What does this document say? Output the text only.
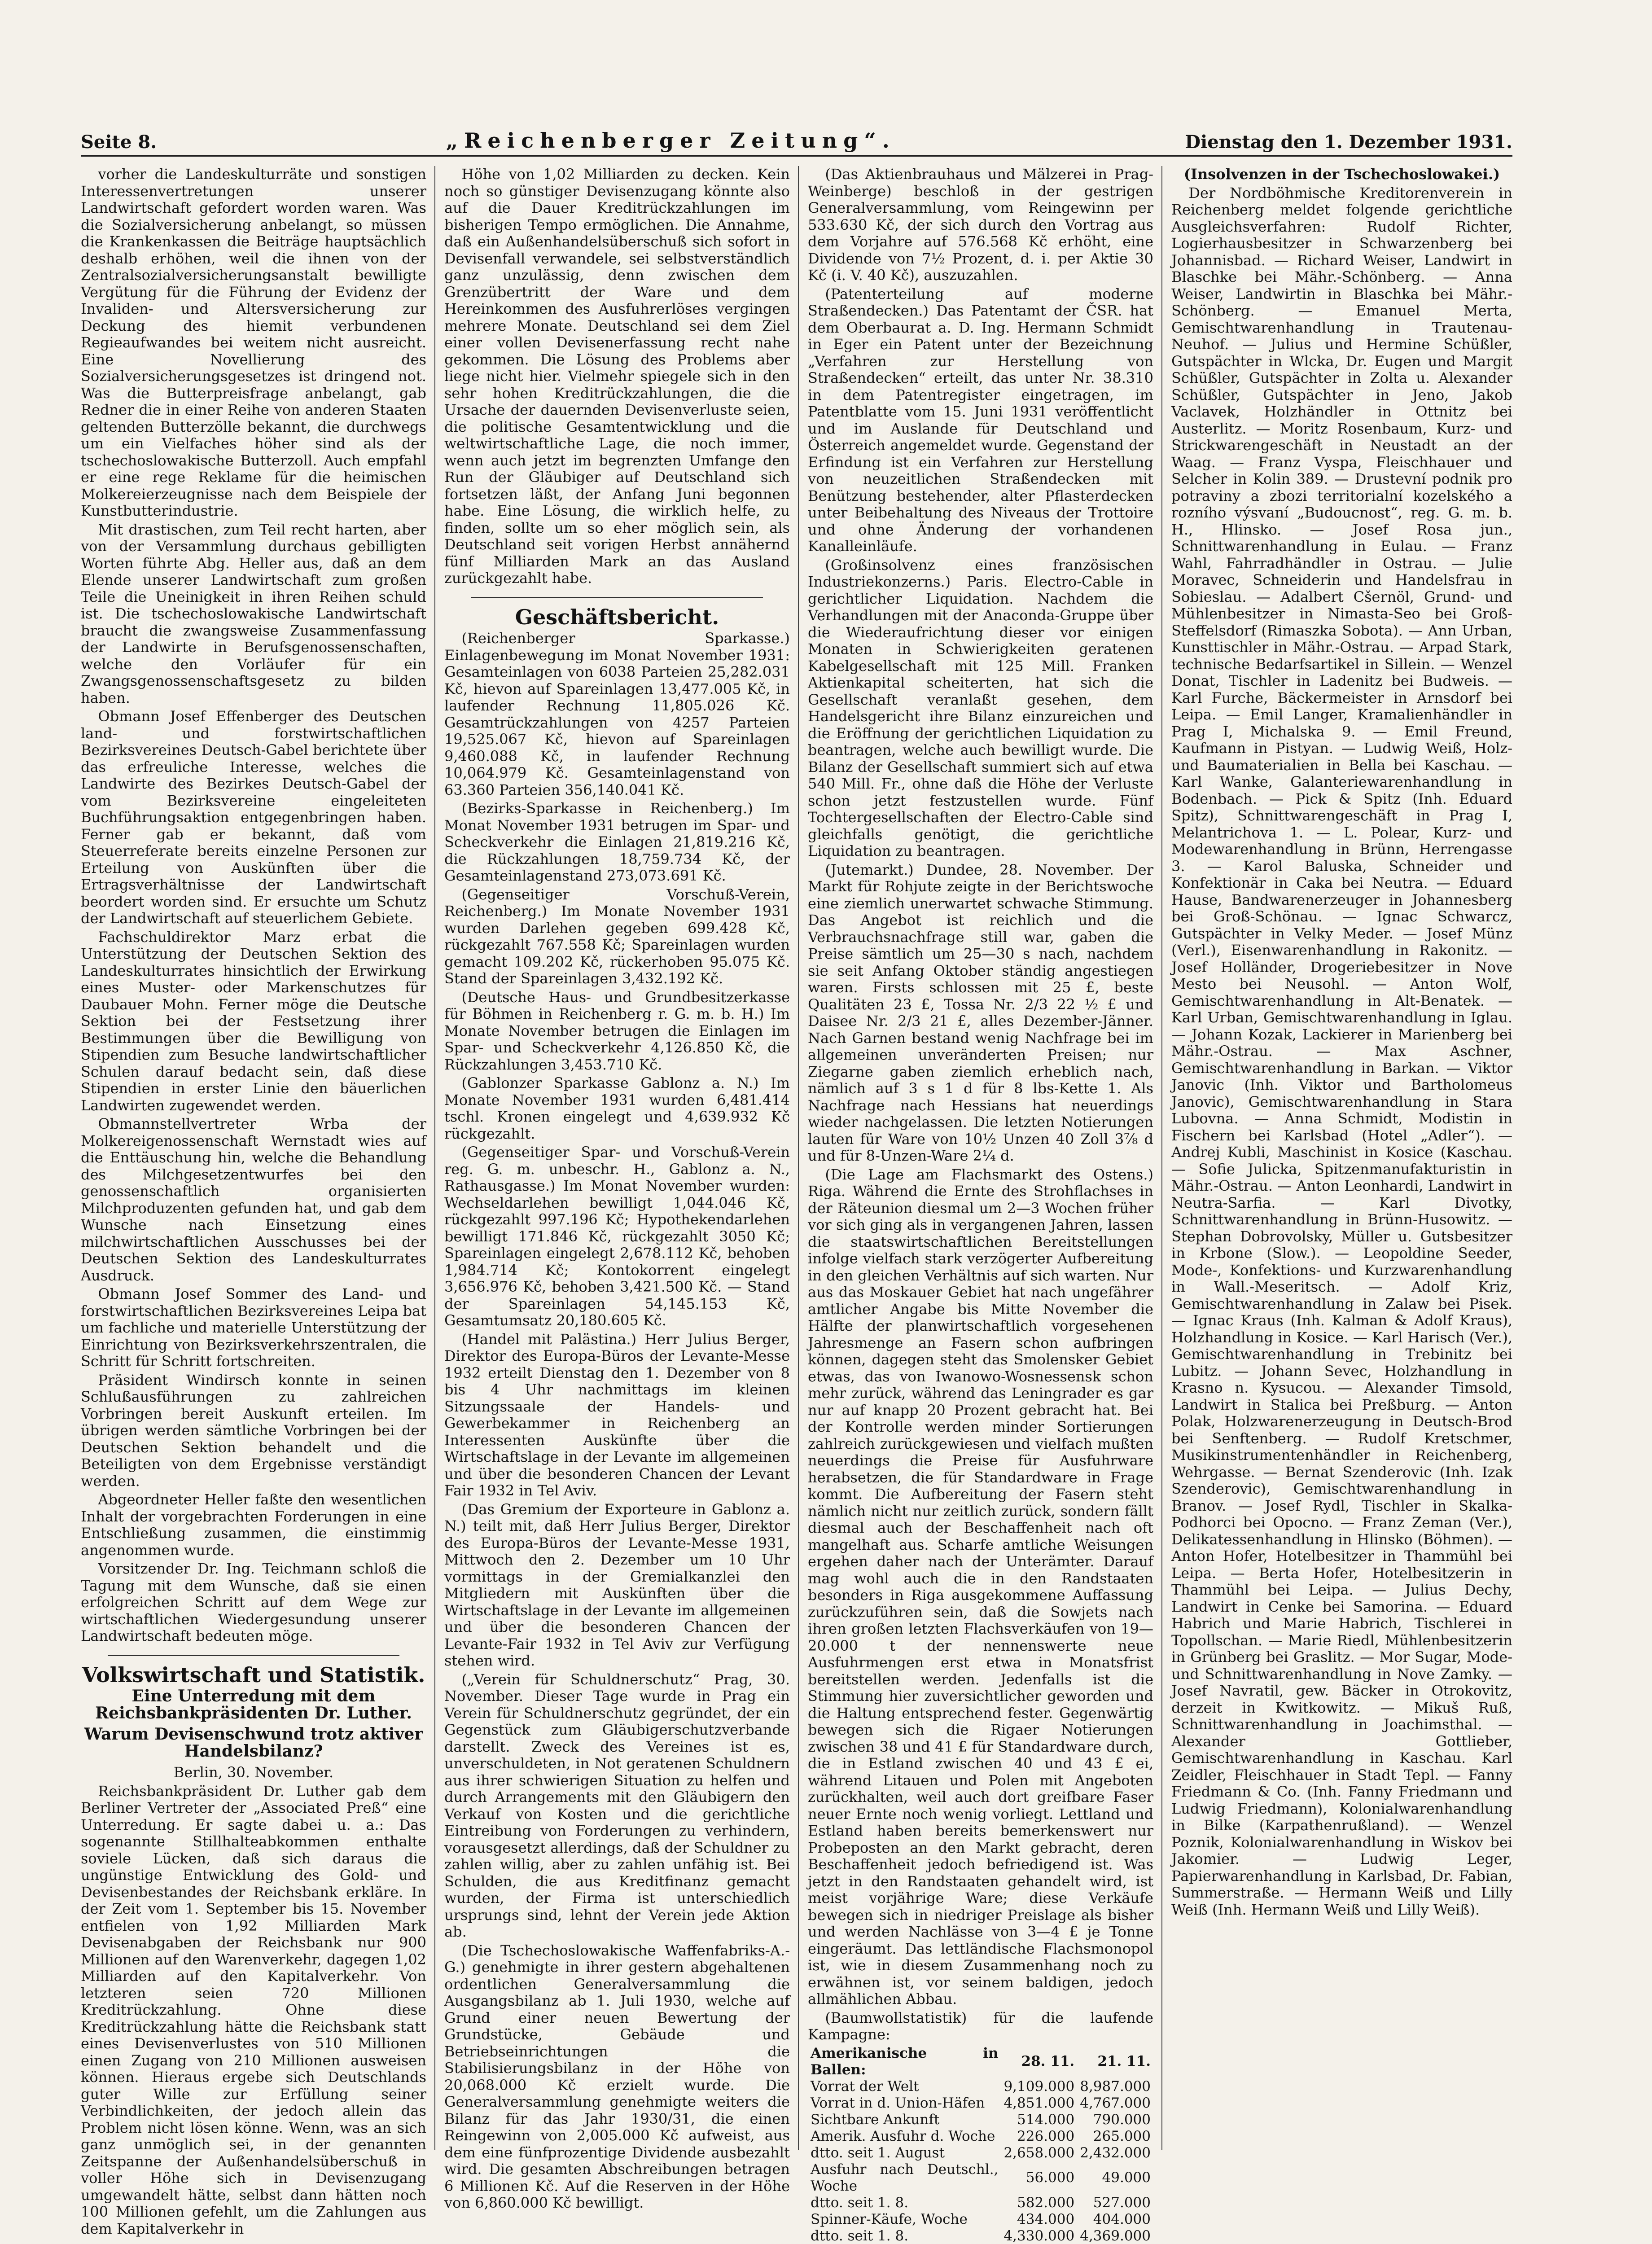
Seite 8.	„Reichenberger Zeitung“.	Dienstag den 1. Dezember 1931.

vorher die Landeskulturräte und sonstigen Interessenvertretungen unserer Landwirtschaft gefordert worden waren. Was die Sozialversicherung anbelangt, so müssen die Krankenkassen die Beiträge hauptsächlich deshalb erhöhen, weil die ihnen von der Zentralsozialversicherungsanstalt bewilligte Vergütung für die Führung der Evidenz der Invaliden- und Altersversicherung zur Deckung des hiemit verbundenen Regieaufwandes bei weitem nicht ausreicht. Eine Novellierung des Sozialversicherungsgesetzes ist dringend not. Was die Butterpreisfrage anbelangt, gab Redner die in einer Reihe von anderen Staaten geltenden Butterzölle bekannt, die durchwegs um ein Vielfaches höher sind als der tschechoslowakische Butterzoll. Auch empfahl er eine rege Reklame für die heimischen Molkereierzeugnisse nach dem Beispiele der Kunstbutterindustrie.

Mit drastischen, zum Teil recht harten, aber von der Versammlung durchaus gebilligten Worten führte Abg. Heller aus, daß an dem Elende unserer Landwirtschaft zum großen Teile die Uneinigkeit in ihren Reihen schuld ist. Die tschechoslowakische Landwirtschaft braucht die zwangsweise Zusammenfassung der Landwirte in Berufsgenossenschaften, welche den Vorläufer für ein Zwangsgenossenschaftsgesetz zu bilden haben.

Obmann Josef Effenberger des Deutschen land- und forstwirtschaftlichen Bezirksvereines Deutsch-Gabel berichtete über das erfreuliche Interesse, welches die Landwirte des Bezirkes Deutsch-Gabel der vom Bezirksvereine eingeleiteten Buchführungsaktion entgegenbringen haben. Ferner gab er bekannt, daß vom Steuerreferate bereits einzelne Personen zur Erteilung von Auskünften über die Ertragsverhältnisse der Landwirtschaft beordert worden sind. Er ersuchte um Schutz der Landwirtschaft auf steuerlichem Gebiete.

Fachschuldirektor Marz erbat die Unterstützung der Deutschen Sektion des Landeskulturrates hinsichtlich der Erwirkung eines Muster- oder Markenschutzes für Daubauer Mohn. Ferner möge die Deutsche Sektion bei der Festsetzung ihrer Bestimmungen über die Bewilligung von Stipendien zum Besuche landwirtschaftlicher Schulen darauf bedacht sein, daß diese Stipendien in erster Linie den bäuerlichen Landwirten zugewendet werden.

Obmannstellvertreter Wrba der Molkereigenossenschaft Wernstadt wies auf die Enttäuschung hin, welche die Behandlung des Milchgesetzentwurfes bei den genossenschaftlich organisierten Milchproduzenten gefunden hat, und gab dem Wunsche nach Einsetzung eines milchwirtschaftlichen Ausschusses bei der Deutschen Sektion des Landeskulturrates Ausdruck.

Obmann Josef Sommer des Land- und forstwirtschaftlichen Bezirksvereines Leipa bat um fachliche und materielle Unterstützung der Einrichtung von Bezirksverkehrszentralen, die Schritt für Schritt fortschreiten.

Präsident Windirsch konnte in seinen Schlußausführungen zu zahlreichen Vorbringen bereit Auskunft erteilen. Im übrigen werden sämtliche Vorbringen bei der Deutschen Sektion behandelt und die Beteiligten von dem Ergebnisse verständigt werden.

Abgeordneter Heller faßte den wesentlichen Inhalt der vorgebrachten Forderungen in eine Entschließung zusammen, die einstimmig angenommen wurde.

Vorsitzender Dr. Ing. Teichmann schloß die Tagung mit dem Wunsche, daß sie einen erfolgreichen Schritt auf dem Wege zur wirtschaftlichen Wiedergesundung unserer Landwirtschaft bedeuten möge.

Volkswirtschaft und Statistik.
Eine Unterredung mit dem Reichsbankpräsidenten Dr. Luther.
Warum Devisenschwund trotz aktiver Handelsbilanz?

Berlin, 30. November.

Reichsbankpräsident Dr. Luther gab dem Berliner Vertreter der „Associated Preß“ eine Unterredung. Er sagte dabei u. a.: Das sogenannte Stillhalteabkommen enthalte soviele Lücken, daß sich daraus die ungünstige Entwicklung des Gold- und Devisenbestandes der Reichsbank erkläre. In der Zeit vom 1. September bis 15. November entfielen von 1,92 Milliarden Mark Devisenabgaben der Reichsbank nur 900 Millionen auf den Warenverkehr, dagegen 1,02 Milliarden auf den Kapitalverkehr. Von letzteren seien 720 Millionen Kreditrückzahlung. Ohne diese Kreditrückzahlung hätte die Reichsbank statt eines Devisenverlustes von 510 Millionen einen Zugang von 210 Millionen ausweisen können. Hieraus ergebe sich Deutschlands guter Wille zur Erfüllung seiner Verbindlichkeiten, der jedoch allein das Problem nicht lösen könne. Wenn, was an sich ganz unmöglich sei, in der genannten Zeitspanne der Außenhandelsüberschuß in voller Höhe sich in Devisenzugang umgewandelt hätte, selbst dann hätten noch 100 Millionen gefehlt, um die Zahlungen aus dem Kapitalverkehr in

Höhe von 1,02 Milliarden zu decken. Kein noch so günstiger Devisenzugang könnte also auf die Dauer Kreditrückzahlungen im bisherigen Tempo ermöglichen. Die Annahme, daß ein Außenhandelsüberschuß sich sofort in Devisenfall verwandele, sei selbstverständlich ganz unzulässig, denn zwischen dem Grenzübertritt der Ware und dem Hereinkommen des Ausfuhrerlöses vergingen mehrere Monate. Deutschland sei dem Ziel einer vollen Devisenerfassung recht nahe gekommen. Die Lösung des Problems aber liege nicht hier. Vielmehr spiegele sich in den sehr hohen Kreditrückzahlungen, die die Ursache der dauernden Devisenverluste seien, die politische Gesamtentwicklung und die weltwirtschaftliche Lage, die noch immer, wenn auch jetzt im begrenzten Umfange den Run der Gläubiger auf Deutschland sich fortsetzen läßt, der Anfang Juni begonnen habe. Eine Lösung, die wirklich helfe, zu finden, sollte um so eher möglich sein, als Deutschland seit vorigen Herbst annähernd fünf Milliarden Mark an das Ausland zurückgezahlt habe.

Geschäftsbericht.

(Reichenberger Sparkasse.) Einlagenbewegung im Monat November 1931: Gesamteinlagen von 6038 Parteien 25,282.031 Kč, hievon auf Spareinlagen 13,477.005 Kč, in laufender Rechnung 11,805.026 Kč. Gesamtrückzahlungen von 4257 Parteien 19,525.067 Kč, hievon auf Spareinlagen 9,460.088 Kč, in laufender Rechnung 10,064.979 Kč. Gesamteinlagenstand von 63.360 Parteien 356,140.041 Kč.

(Bezirks-Sparkasse in Reichenberg.) Im Monat November 1931 betrugen im Spar- und Scheckverkehr die Einlagen 21,819.216 Kč, die Rückzahlungen 18,759.734 Kč, der Gesamteinlagenstand 273,073.691 Kč.

(Gegenseitiger Vorschuß-Verein, Reichenberg.) Im Monate November 1931 wurden Darlehen gegeben 699.428 Kč, rückgezahlt 767.558 Kč; Spareinlagen wurden gemacht 109.202 Kč, rückerhoben 95.075 Kč. Stand der Spareinlagen 3,432.192 Kč.

(Deutsche Haus- und Grundbesitzerkasse für Böhmen in Reichenberg r. G. m. b. H.) Im Monate November betrugen die Einlagen im Spar- und Scheckverkehr 4,126.850 Kč, die Rückzahlungen 3,453.710 Kč.

(Gablonzer Sparkasse Gablonz a. N.) Im Monate November 1931 wurden 6,481.414 tschl. Kronen eingelegt und 4,639.932 Kč rückgezahlt.

(Gegenseitiger Spar- und Vorschuß-Verein reg. G. m. unbeschr. H., Gablonz a. N., Rathausgasse.) Im Monat November wurden: Wechseldarlehen bewilligt 1,044.046 Kč, rückgezahlt 997.196 Kč; Hypothekendarlehen bewilligt 171.846 Kč, rückgezahlt 3050 Kč; Spareinlagen eingelegt 2,678.112 Kč, behoben 1,984.714 Kč; Kontokorrent eingelegt 3,656.976 Kč, behoben 3,421.500 Kč. — Stand der Spareinlagen 54,145.153 Kč, Gesamtumsatz 20,180.605 Kč.

(Handel mit Palästina.) Herr Julius Berger, Direktor des Europa-Büros der Levante-Messe 1932 erteilt Dienstag den 1. Dezember von 8 bis 4 Uhr nachmittags im kleinen Sitzungssaale der Handels- und Gewerbekammer in Reichenberg an Interessenten Auskünfte über die Wirtschaftslage in der Levante im allgemeinen und über die besonderen Chancen der Levant Fair 1932 in Tel Aviv.

(Das Gremium der Exporteure in Gablonz a. N.) teilt mit, daß Herr Julius Berger, Direktor des Europa-Büros der Levante-Messe 1931, Mittwoch den 2. Dezember um 10 Uhr vormittags in der Gremialkanzlei den Mitgliedern mit Auskünften über die Wirtschaftslage in der Levante im allgemeinen und über die besonderen Chancen der Levante-Fair 1932 in Tel Aviv zur Verfügung stehen wird.

(„Verein für Schuldnerschutz“ Prag, 30. November. Dieser Tage wurde in Prag ein Verein für Schuldnerschutz gegründet, der ein Gegenstück zum Gläubigerschutzverbande darstellt. Zweck des Vereines ist es, unverschuldeten, in Not geratenen Schuldnern aus ihrer schwierigen Situation zu helfen und durch Arrangements mit den Gläubigern den Verkauf von Kosten und die gerichtliche Eintreibung von Forderungen zu verhindern, vorausgesetzt allerdings, daß der Schuldner zu zahlen willig, aber zu zahlen unfähig ist. Bei Schulden, die aus Kreditfinanz gemacht wurden, der Firma ist unterschiedlich ursprungs sind, lehnt der Verein jede Aktion ab.

(Die Tschechoslowakische Waffenfabriks-A.-G.) genehmigte in ihrer gestern abgehaltenen ordentlichen Generalversammlung die Ausgangsbilanz ab 1. Juli 1930, welche auf Grund einer neuen Bewertung der Grundstücke, Gebäude und Betriebseinrichtungen die Stabilisierungsbilanz in der Höhe von 20,068.000 Kč erzielt wurde. Die Generalversammlung genehmigte weiters die Bilanz für das Jahr 1930/31, die einen Reingewinn von 2,005.000 Kč aufweist, aus dem eine fünfprozentige Dividende ausbezahlt wird. Die gesamten Abschreibungen betragen 6 Millionen Kč. Auf die Reserven in der Höhe von 6,860.000 Kč bewilligt.

(Das Aktienbrauhaus und Mälzerei in Prag-Weinberge) beschloß in der gestrigen Generalversammlung, vom Reingewinn per 533.630 Kč, der sich durch den Vortrag aus dem Vorjahre auf 576.568 Kč erhöht, eine Dividende von 7½ Prozent, d. i. per Aktie 30 Kč (i. V. 40 Kč), auszuzahlen.

(Patenterteilung auf moderne Straßendecken.) Das Patentamt der ČSR. hat dem Oberbaurat a. D. Ing. Hermann Schmidt in Eger ein Patent unter der Bezeichnung „Verfahren zur Herstellung von Straßendecken“ erteilt, das unter Nr. 38.310 in dem Patentregister eingetragen, im Patentblatte vom 15. Juni 1931 veröffentlicht und im Auslande für Deutschland und Österreich angemeldet wurde. Gegenstand der Erfindung ist ein Verfahren zur Herstellung von neuzeitlichen Straßendecken mit Benützung bestehender, alter Pflasterdecken unter Beibehaltung des Niveaus der Trottoire und ohne Änderung der vorhandenen Kanalleinläufe.

(Großinsolvenz eines französischen Industriekonzerns.) Paris. Electro-Cable in gerichtlicher Liquidation. Nachdem die Verhandlungen mit der Anaconda-Gruppe über die Wiederaufrichtung dieser vor einigen Monaten in Schwierigkeiten geratenen Kabelgesellschaft mit 125 Mill. Franken Aktienkapital scheiterten, hat sich die Gesellschaft veranlaßt gesehen, dem Handelsgericht ihre Bilanz einzureichen und die Eröffnung der gerichtlichen Liquidation zu beantragen, welche auch bewilligt wurde. Die Bilanz der Gesellschaft summiert sich auf etwa 540 Mill. Fr., ohne daß die Höhe der Verluste schon jetzt festzustellen wurde. Fünf Tochtergesellschaften der Electro-Cable sind gleichfalls genötigt, die gerichtliche Liquidation zu beantragen.

(Jutemarkt.) Dundee, 28. November. Der Markt für Rohjute zeigte in der Berichtswoche eine ziemlich unerwartet schwache Stimmung. Das Angebot ist reichlich und die Verbrauchsnachfrage still war, gaben die Preise sämtlich um 25—30 s nach, nachdem sie seit Anfang Oktober ständig angestiegen waren. Firsts schlossen mit 25 £, beste Qualitäten 23 £, Tossa Nr. 2/3 22 ½ £ und Daisee Nr. 2/3 21 £, alles Dezember-Jänner. Nach Garnen bestand wenig Nachfrage bei im allgemeinen unveränderten Preisen; nur Ziegarne gaben ziemlich erheblich nach, nämlich auf 3 s 1 d für 8 lbs-Kette 1. Als Nachfrage nach Hessians hat neuerdings wieder nachgelassen. Die letzten Notierungen lauten für Ware von 10½ Unzen 40 Zoll 3⅞ d und für 8-Unzen-Ware 2¼ d.

(Die Lage am Flachsmarkt des Ostens.) Riga. Während die Ernte des Strohflachses in der Räteunion diesmal um 2—3 Wochen früher vor sich ging als in vergangenen Jahren, lassen die staatswirtschaftlichen Bereitstellungen infolge vielfach stark verzögerter Aufbereitung in den gleichen Verhältnis auf sich warten. Nur aus das Moskauer Gebiet hat nach ungefährer amtlicher Angabe bis Mitte November die Hälfte der planwirtschaftlich vorgesehenen Jahresmenge an Fasern schon aufbringen können, dagegen steht das Smolensker Gebiet etwas, das von Iwanowo-Wosnessensk schon mehr zurück, während das Leningrader es gar nur auf knapp 20 Prozent gebracht hat. Bei der Kontrolle werden minder Sortierungen zahlreich zurückgewiesen und vielfach mußten neuerdings die Preise für Ausfuhrware herabsetzen, die für Standardware in Frage kommt. Die Aufbereitung der Fasern steht nämlich nicht nur zeitlich zurück, sondern fällt diesmal auch der Beschaffenheit nach oft mangelhaft aus. Scharfe amtliche Weisungen ergehen daher nach der Unterämter. Darauf mag wohl auch die in den Randstaaten besonders in Riga ausgekommene Auffassung zurückzuführen sein, daß die Sowjets nach ihren großen letzten Flachsverkäufen von 19—20.000 t der nennenswerte neue Ausfuhrmengen erst etwa in Monatsfrist bereitstellen werden. Jedenfalls ist die Stimmung hier zuversichtlicher geworden und die Haltung entsprechend fester. Gegenwärtig bewegen sich die Rigaer Notierungen zwischen 38 und 41 £ für Standardware durch, die in Estland zwischen 40 und 43 £ ei, während Litauen und Polen mit Angeboten zurückhalten, weil auch dort greifbare Faser neuer Ernte noch wenig vorliegt. Lettland und Estland haben bereits bemerkenswert nur Probeposten an den Markt gebracht, deren Beschaffenheit jedoch befriedigend ist. Was jetzt in den Randstaaten gehandelt wird, ist meist vorjährige Ware; diese Verkäufe bewegen sich in niedriger Preislage als bisher und werden Nachlässe von 3—4 £ je Tonne eingeräumt. Das lettländische Flachsmonopol ist, wie in diesem Zusammenhang noch zu erwähnen ist, vor seinem baldigen, jedoch allmählichen Abbau.

(Baumwollstatistik) für die laufende Kampagne:

Amerikanische in Ballen:	28. 11.	21. 11.
Vorrat der Welt	9,109.000	8,987.000
Vorrat in d. Union-Häfen	4,851.000	4,767.000
Sichtbare Ankunft	514.000	790.000
Amerik. Ausfuhr d. Woche	226.000	265.000
dtto. seit 1. August	2,658.000	2,432.000
Ausfuhr nach Deutschl., Woche	56.000	49.000
dtto. seit 1. 8.	582.000	527.000
Spinner-Käufe, Woche	434.000	404.000
dtto. seit 1. 8.	4,330.000	4,369.000

(Insolvenzen in der Tschechoslowakei.)

Der Nordböhmische Kreditorenverein in Reichenberg meldet folgende gerichtliche Ausgleichsverfahren: Rudolf Richter, Logierhausbesitzer in Schwarzenberg bei Johannisbad. — Richard Weiser, Landwirt in Blaschke bei Mähr.-Schönberg. — Anna Weiser, Landwirtin in Blaschka bei Mähr.-Schönberg. — Emanuel Merta, Gemischtwarenhandlung in Trautenau-Neuhof. — Julius und Hermine Schüßler, Gutspächter in Wlcka, Dr. Eugen und Margit Schüßler, Gutspächter in Zolta u. Alexander Schüßler, Gutspächter in Jeno, Jakob Vaclavek, Holzhändler in Ottnitz bei Austerlitz. — Moritz Rosenbaum, Kurz- und Strickwarengeschäft in Neustadt an der Waag. — Franz Vyspa, Fleischhauer und Selcher in Kolin 389. — Drustevní podnik pro potraviny a zbozi territorialní kozelského a rozního výsvaní „Budoucnost“, reg. G. m. b. H., Hlinsko. — Josef Rosa jun., Schnittwarenhandlung in Eulau. — Franz Wahl, Fahrradhändler in Ostrau. — Julie Moravec, Schneiderin und Handelsfrau in Sobieslau. — Adalbert Cšernöl, Grund- und Mühlenbesitzer in Nimasta-Seo bei Groß-Steffelsdorf (Rimaszka Sobota). — Ann Urban, Kunsttischler in Mähr.-Ostrau. — Arpad Stark, technische Bedarfsartikel in Sillein. — Wenzel Donat, Tischler in Ladenitz bei Budweis. — Karl Furche, Bäckermeister in Arnsdorf bei Leipa. — Emil Langer, Kramalienhändler in Prag I, Michalska 9. — Emil Freund, Kaufmann in Pistyan. — Ludwig Weiß, Holz- und Baumaterialien in Bella bei Kaschau. — Karl Wanke, Galanteriewarenhandlung in Bodenbach. — Pick & Spitz (Inh. Eduard Spitz), Schnittwarengeschäft in Prag I, Melantrichova 1. — L. Polear, Kurz- und Modewarenhandlung in Brünn, Herrengasse 3. — Karol Baluska, Schneider und Konfektionär in Caka bei Neutra. — Eduard Hause, Bandwarenerzeuger in Johannesberg bei Groß-Schönau. — Ignac Schwarcz, Gutspächter in Velky Meder. — Josef Münz (Verl.), Eisenwarenhandlung in Rakonitz. — Josef Holländer, Drogeriebesitzer in Nove Mesto bei Neusohl. — Anton Wolf, Gemischtwarenhandlung in Alt-Benatek. — Karl Urban, Gemischtwarenhandlung in Iglau. — Johann Kozak, Lackierer in Marienberg bei Mähr.-Ostrau. — Max Aschner, Gemischtwarenhandlung in Barkan. — Viktor Janovic (Inh. Viktor und Bartholomeus Janovic), Gemischtwarenhandlung in Stara Lubovna. — Anna Schmidt, Modistin in Fischern bei Karlsbad (Hotel „Adler“). — Andrej Kubli, Maschinist in Kosice (Kaschau. — Sofie Julicka, Spitzenmanufakturistin in Mähr.-Ostrau. — Anton Leonhardi, Landwirt in Neutra-Sarfia. — Karl Divotky, Schnittwarenhandlung in Brünn-Husowitz. — Stephan Dobrovolsky, Müller u. Gutsbesitzer in Krbone (Slow.). — Leopoldine Seeder, Mode-, Konfektions- und Kurzwarenhandlung in Wall.-Meseritsch. — Adolf Kriz, Gemischtwarenhandlung in Zalaw bei Pisek. — Ignac Kraus (Inh. Kalman & Adolf Kraus), Holzhandlung in Kosice. — Karl Harisch (Ver.), Gemischtwarenhandlung in Trebinitz bei Lubitz. — Johann Sevec, Holzhandlung in Krasno n. Kysucou. — Alexander Timsold, Landwirt in Stalica bei Preßburg. — Anton Polak, Holzwarenerzeugung in Deutsch-Brod bei Senftenberg. — Rudolf Kretschmer, Musikinstrumentenhändler in Reichenberg, Wehrgasse. — Bernat Szenderovic (Inh. Izak Szenderovic), Gemischtwarenhandlung in Branov. — Josef Rydl, Tischler in Skalka-Podhorci bei Opocno. — Franz Zeman (Ver.), Delikatessenhandlung in Hlinsko (Böhmen). — Anton Hofer, Hotelbesitzer in Thammühl bei Leipa. — Berta Hofer, Hotelbesitzerin in Thammühl bei Leipa. — Julius Dechy, Landwirt in Cenke bei Samorina. — Eduard Habrich und Marie Habrich, Tischlerei in Topollschan. — Marie Riedl, Mühlenbesitzerin in Grünberg bei Graslitz. — Mor Sugar, Mode- und Schnittwarenhandlung in Nove Zamky. — Josef Navratil, gew. Bäcker in Otrokovitz, derzeit in Kwitkowitz. — Mikuš Ruß, Schnittwarenhandlung in Joachimsthal. — Alexander Gottlieber, Gemischtwarenhandlung in Kaschau. Karl Zeidler, Fleischhauer in Stadt Tepl. — Fanny Friedmann & Co. (Inh. Fanny Friedmann und Ludwig Friedmann), Kolonialwarenhandlung in Bilke (Karpathenrußland). — Wenzel Poznik, Kolonialwarenhandlung in Wiskov bei Jakomier. — Ludwig Leger, Papierwarenhandlung in Karlsbad, Dr. Fabian, Summerstraße. — Hermann Weiß und Lilly Weiß (Inh. Hermann Weiß und Lilly Weiß).
